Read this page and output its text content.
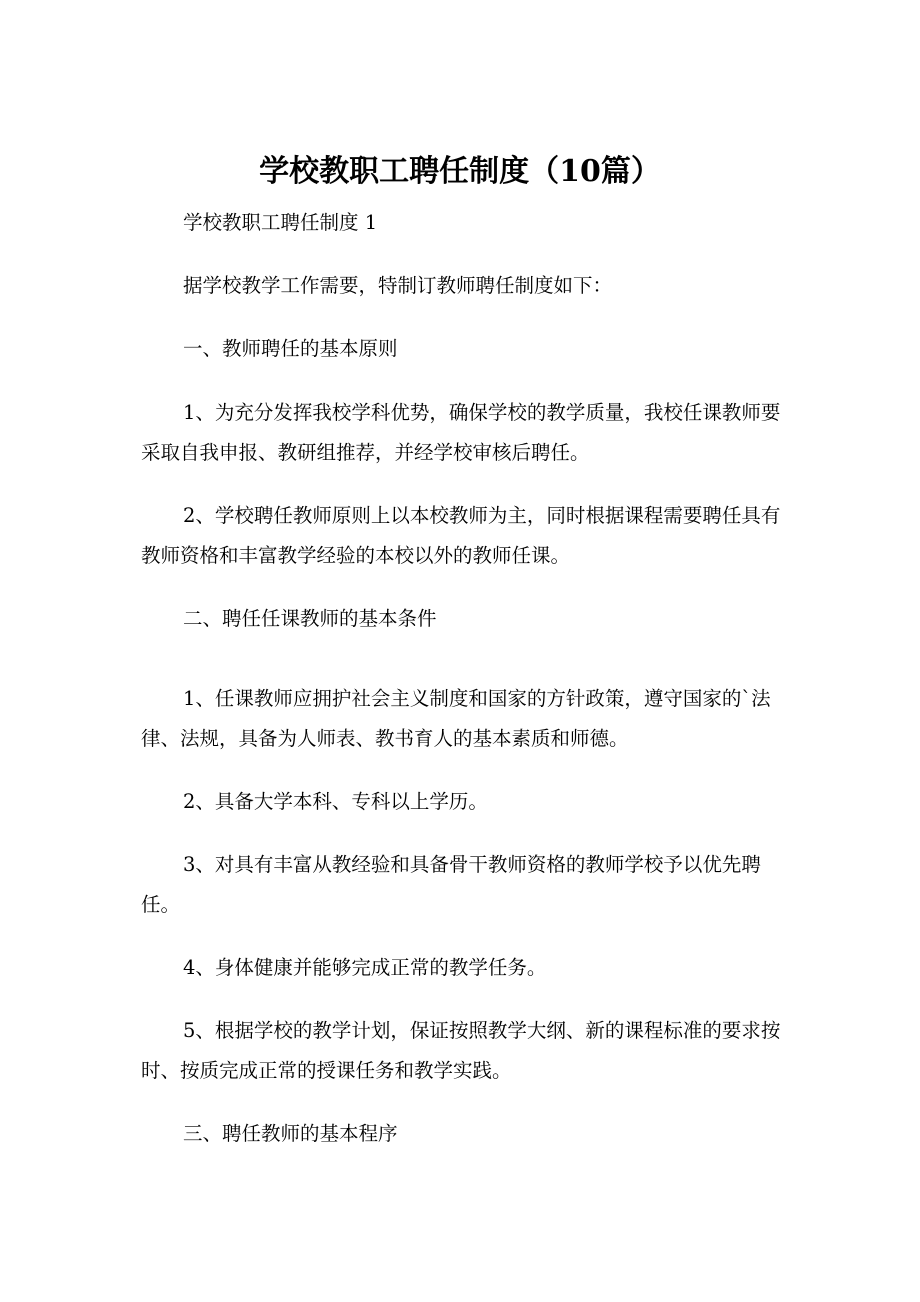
学校教职工聘任制度（10篇）
学校教职工聘任制度 1
据学校教学工作需要，特制订教师聘任制度如下：
一、教师聘任的基本原则
1、为充分发挥我校学科优势，确保学校的教学质量，我校任课教师要采取自我申报、教研组推荐，并经学校审核后聘任。
2、学校聘任教师原则上以本校教师为主，同时根据课程需要聘任具有教师资格和丰富教学经验的本校以外的教师任课。
二、聘任任课教师的基本条件
1、任课教师应拥护社会主义制度和国家的方针政策，遵守国家的`法律、法规，具备为人师表、教书育人的基本素质和师德。
2、具备大学本科、专科以上学历。
3、对具有丰富从教经验和具备骨干教师资格的教师学校予以优先聘任。
4、身体健康并能够完成正常的教学任务。
5、根据学校的教学计划，保证按照教学大纲、新的课程标准的要求按时、按质完成正常的授课任务和教学实践。
三、聘任教师的基本程序
